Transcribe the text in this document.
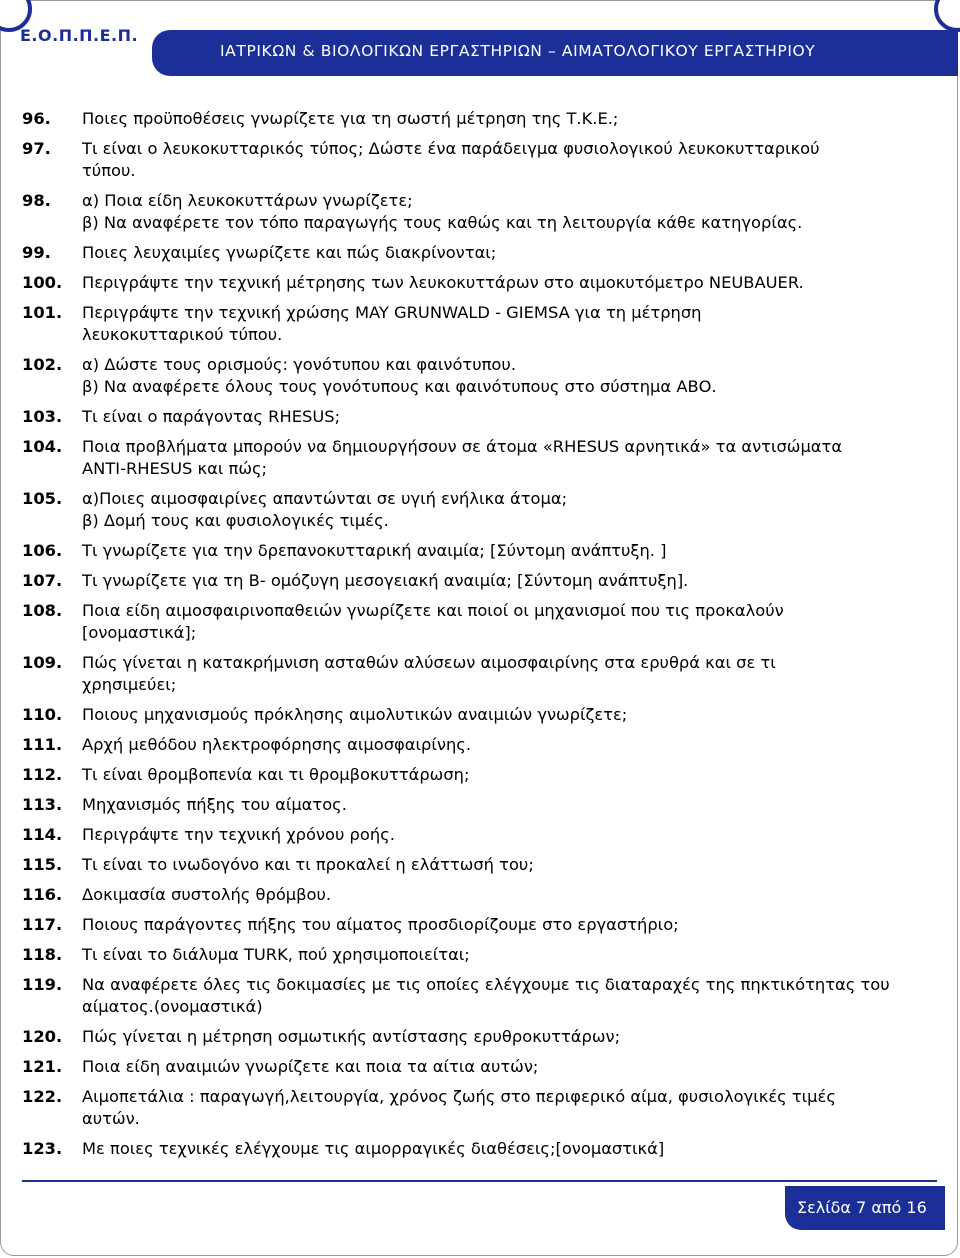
Ε.Ο.Π.Π.Ε.Π.
ΙΑΤΡΙΚΩΝ & ΒΙΟΛΟΓΙΚΩΝ ΕΡΓΑΣΤΗΡΙΩΝ – ΑΙΜΑΤΟΛΟΓΙΚΟΥ ΕΡΓΑΣΤΗΡΙΟΥ
96. Ποιες προϋποθέσεις γνωρίζετε για τη σωστή μέτρηση της Τ.Κ.Ε.;
97. Τι είναι ο λευκοκυτταρικός τύπος; Δώστε ένα παράδειγμα φυσιολογικού λευκοκυτταρικού
τύπου.
98. α) Ποια είδη λευκοκυττάρων γνωρίζετε;
β) Να αναφέρετε τον τόπο παραγωγής τους καθώς και τη λειτουργία κάθε κατηγορίας.
99. Ποιες λευχαιμίες γνωρίζετε και πώς διακρίνονται;
100. Περιγράψτε την τεχνική μέτρησης των λευκοκυττάρων στο αιμοκυτόμετρο NEUBAUER.
101. Περιγράψτε την τεχνική χρώσης MAY GRUNWALD - GIEMSA για τη μέτρηση
λευκοκυτταρικού τύπου.
102. α) Δώστε τους ορισμούς: γονότυπου και φαινότυπου.
β) Να αναφέρετε όλους τους γονότυπους και φαινότυπους στο σύστημα ΑΒΟ.
103. Τι είναι ο παράγοντας RHESUS;
104. Ποια προβλήματα μπορούν να δημιουργήσουν σε άτομα «RHESUS αρνητικά» τα αντισώματα
ANTI-RHESUS και πώς;
105. α)Ποιες αιμοσφαιρίνες απαντώνται σε υγιή ενήλικα άτομα;
β) Δομή τους και φυσιολογικές τιμές.
106. Τι γνωρίζετε για την δρεπανοκυτταρική αναιμία; [Σύντομη ανάπτυξη. ]
107. Τι γνωρίζετε για τη Β- ομόζυγη μεσογειακή αναιμία; [Σύντομη ανάπτυξη].
108. Ποια είδη αιμοσφαιρινοπαθειών γνωρίζετε και ποιοί οι μηχανισμοί που τις προκαλούν
[ονομαστικά];
109. Πώς γίνεται η κατακρήμνιση ασταθών αλύσεων αιμοσφαιρίνης στα ερυθρά και σε τι
χρησιμεύει;
110. Ποιους μηχανισμούς πρόκλησης αιμολυτικών αναιμιών γνωρίζετε;
111. Αρχή μεθόδου ηλεκτροφόρησης αιμοσφαιρίνης.
112. Τι είναι θρομβοπενία και τι θρομβοκυττάρωση;
113. Μηχανισμός πήξης του αίματος.
114. Περιγράψτε την τεχνική χρόνου ροής.
115. Τι είναι το ινωδογόνο και τι προκαλεί η ελάττωσή του;
116. Δοκιμασία συστολής θρόμβου.
117. Ποιους παράγοντες πήξης του αίματος προσδιορίζουμε στο εργαστήριο;
118. Τι είναι το διάλυμα TURK, πού χρησιμοποιείται;
119. Να αναφέρετε όλες τις δοκιμασίες με τις οποίες ελέγχουμε τις διαταραχές της πηκτικότητας του
αίματος.(ονομαστικά)
120. Πώς γίνεται η μέτρηση οσμωτικής αντίστασης ερυθροκυττάρων;
121. Ποια είδη αναιμιών γνωρίζετε και ποια τα αίτια αυτών;
122. Αιμοπετάλια : παραγωγή,λειτουργία, χρόνος ζωής στο περιφερικό αίμα, φυσιολογικές τιμές
αυτών.
123. Με ποιες τεχνικές ελέγχουμε τις αιμορραγικές διαθέσεις;[ονομαστικά]
Σελίδα 7 από 16
